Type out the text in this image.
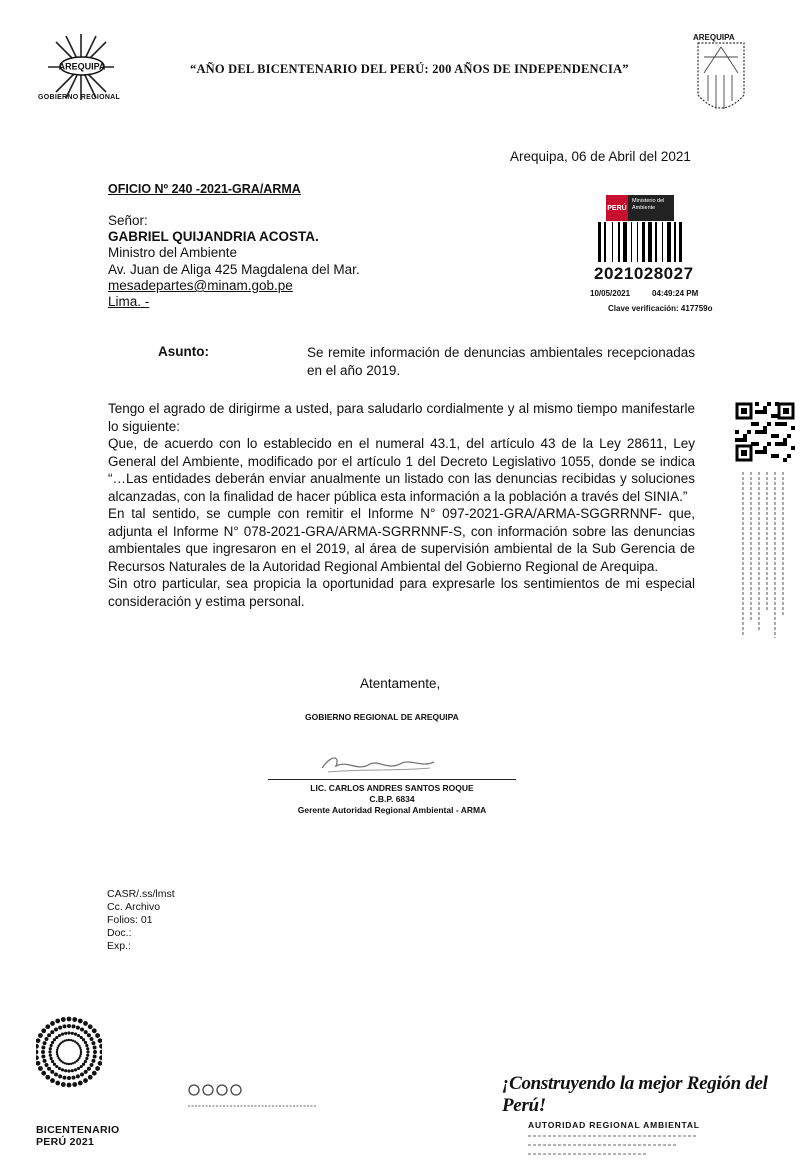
AREQUIPA
GOBIERNO REGIONAL
“AÑO DEL BICENTENARIO DEL PERÚ: 200 AÑOS DE INDEPENDENCIA”
AREQUIPA
Arequipa, 06 de Abril del 2021
OFICIO Nº 240 -2021-GRA/ARMA
Señor:
GABRIEL QUIJANDRIA ACOSTA.
Ministro del Ambiente
Av. Juan de Aliga 425 Magdalena del Mar.
mesadepartes@minam.gob.pe
Lima. -
PERÚ
Ministerio del Ambiente
2021028027
10/05/2021	04:49:24 PM
Clave verificación: 417759o
Asunto:	Se remite información de denuncias ambientales recepcionadas en el año 2019.

Tengo el agrado de dirigirme a usted, para saludarlo cordialmente y al mismo tiempo manifestarle lo siguiente:

Que, de acuerdo con lo establecido en el numeral 43.1, del artículo 43 de la Ley 28611, Ley General del Ambiente, modificado por el artículo 1 del Decreto Legislativo 1055, donde se indica “…Las entidades deberán enviar anualmente un listado con las denuncias recibidas y soluciones alcanzadas, con la finalidad de hacer pública esta información a la población a través del SINIA.”

En tal sentido, se cumple con remitir el Informe N° 097-2021-GRA/ARMA-SGGRRNNF- que, adjunta el Informe N° 078-2021-GRA/ARMA-SGRRNNF-S, con información sobre las denuncias ambientales que ingresaron en el 2019, al área de supervisión ambiental de la Sub Gerencia de Recursos Naturales de la Autoridad Regional Ambiental del Gobierno Regional de Arequipa.

Sin otro particular, sea propicia la oportunidad para expresarle los sentimientos de mi especial consideración y estima personal.

Atentamente,
GOBIERNO REGIONAL DE AREQUIPA
LIC. CARLOS ANDRES SANTOS ROQUE
C.B.P. 6834
Gerente Autoridad Regional Ambiental - ARMA
CASR/.ss/lmst
Cc. Archivo
Folios: 01
Doc.:
Exp.:
BICENTENARIO
PERÚ 2021
¡Construyendo la mejor Región del Perú!
AUTORIDAD REGIONAL AMBIENTAL
